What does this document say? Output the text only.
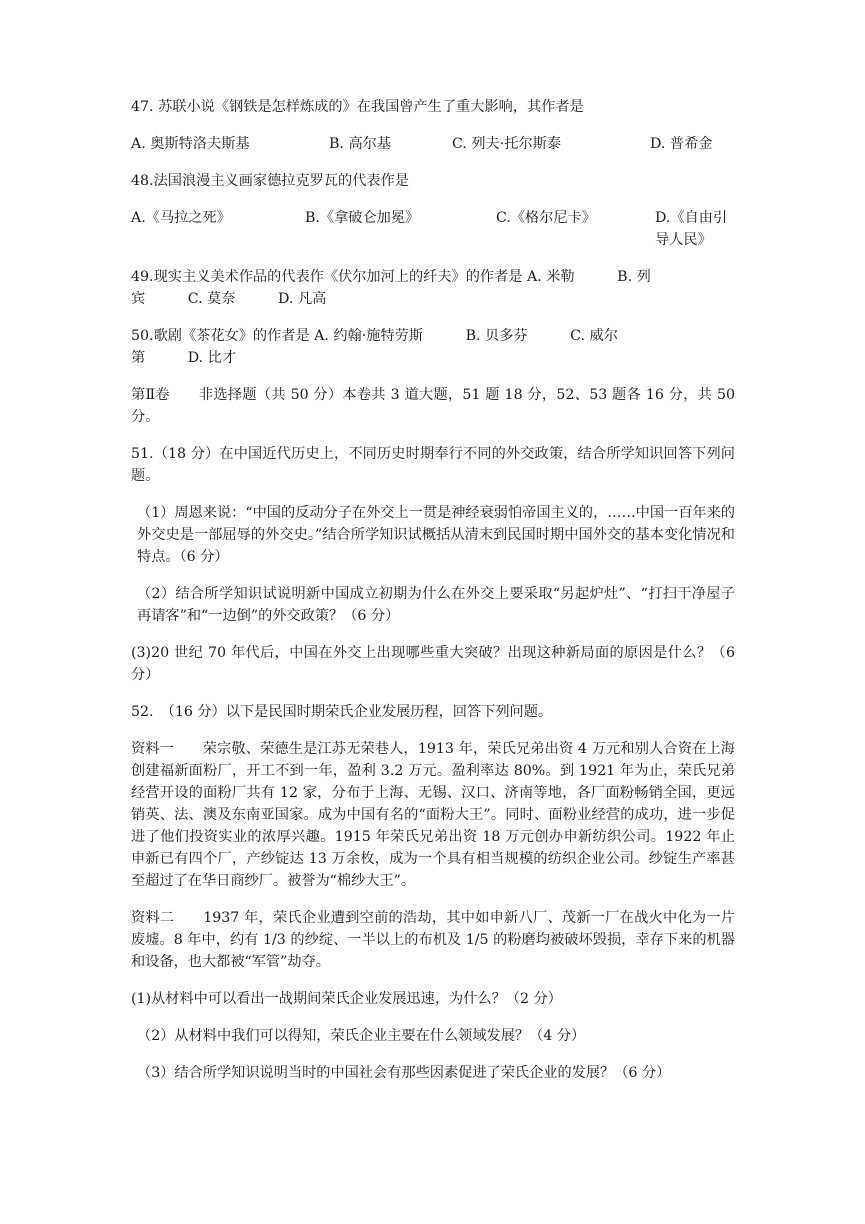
47. 苏联小说《钢铁是怎样炼成的》在我国曾产生了重大影响，其作者是

A. 奥斯特洛夫斯基	B. 高尔基	C. 列夫·托尔斯泰	D. 普希金

48.法国浪漫主义画家德拉克罗瓦的代表作是

A.《马拉之死》	B.《拿破仑加冕》	C.《格尔尼卡》	D.《自由引导人民》

49.现实主义美术作品的代表作《伏尔加河上的纤夫》的作者是 A. 米勒　　　B. 列
宾　　　C. 莫奈　　　D. 凡高

50.歌剧《茶花女》的作者是 A. 约翰·施特劳斯　　　B. 贝多芬　　　C. 威尔
第　　　D. 比才

第Ⅱ卷　　非选择题（共 50 分）本卷共 3 道大题，51 题 18 分，52、53 题各 16 分，共 50 分。

51.（18 分）在中国近代历史上，不同历史时期奉行不同的外交政策，结合所学知识回答下列问题。

（1）周恩来说：“中国的反动分子在外交上一贯是神经衰弱怕帝国主义的，……中国一百年来的外交史是一部屈辱的外交史。”结合所学知识试概括从清末到民国时期中国外交的基本变化情况和特点。（6 分）

（2）结合所学知识试说明新中国成立初期为什么在外交上要采取“另起炉灶”、“打扫干净屋子再请客”和“一边倒”的外交政策？（6 分）

(3)20 世纪 70 年代后，中国在外交上出现哪些重大突破？出现这种新局面的原因是什么？（6 分）

52.　（16 分）以下是民国时期荣氏企业发展历程，回答下列问题。

资料一　　荣宗敬、荣德生是江苏无荣巷人，1913 年，荣氏兄弟出资 4 万元和别人合资在上海创建福新面粉厂，开工不到一年，盈利 3.2 万元。盈利率达 80%。到 1921 年为止，荣氏兄弟经营开设的面粉厂共有 12 家，分布于上海、无锡、汉口、济南等地，各厂面粉畅销全国，更远销英、法、澳及东南亚国家。成为中国有名的“面粉大王”。同时、面粉业经营的成功，进一步促进了他们投资实业的浓厚兴趣。1915 年荣氏兄弟出资 18 万元创办申新纺织公司。1922 年止申新已有四个厂，产纱锭达 13 万余枚，成为一个具有相当规模的纺织企业公司。纱锭生产率甚至超过了在华日商纱厂。被誉为“棉纱大王”。

资料二　　1937 年，荣氏企业遭到空前的浩劫，其中如申新八厂、茂新一厂在战火中化为一片废墟。8 年中，约有 1/3 的纱绽、一半以上的布机及 1/5 的粉磨均被破坏毁损，幸存下来的机器和设备，也大都被“军管”劫夺。

(1)从材料中可以看出一战期间荣氏企业发展迅速，为什么？（2 分）

（2）从材料中我们可以得知，荣氏企业主要在什么领域发展？（4 分）

（3）结合所学知识说明当时的中国社会有那些因素促进了荣氏企业的发展？（6 分）
